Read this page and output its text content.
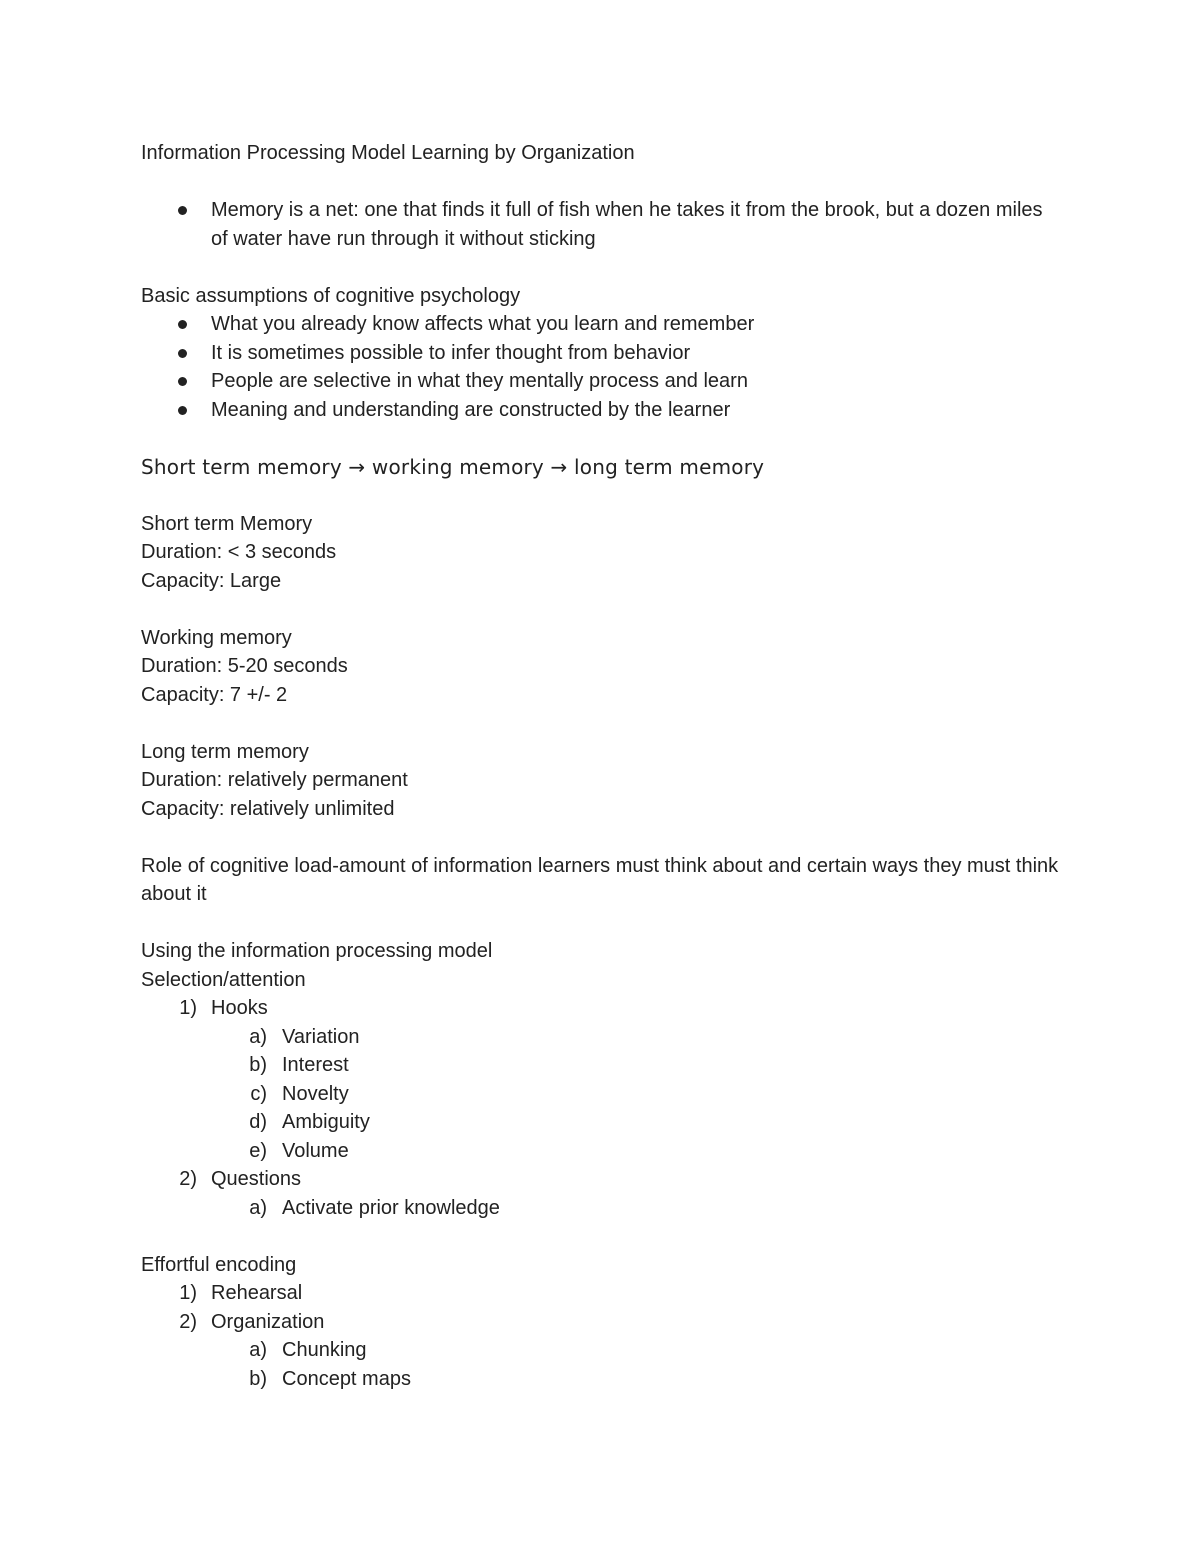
Information Processing Model Learning by Organization
Memory is a net: one that finds it full of fish when he takes it from the brook, but a dozen miles of water have run through it without sticking
Basic assumptions of cognitive psychology
What you already know affects what you learn and remember
It is sometimes possible to infer thought from behavior
People are selective in what they mentally process and learn
Meaning and understanding are constructed by the learner
Short term memory → working memory → long term memory
Short term Memory
Duration: < 3 seconds
Capacity: Large
Working memory
Duration: 5-20 seconds
Capacity: 7 +/- 2
Long term memory
Duration: relatively permanent
Capacity: relatively unlimited
Role of cognitive load-amount of information learners must think about and certain ways they must think about it
Using the information processing model
Selection/attention
1) Hooks
a) Variation
b) Interest
c) Novelty
d) Ambiguity
e) Volume
2) Questions
a) Activate prior knowledge
Effortful encoding
1) Rehearsal
2) Organization
a) Chunking
b) Concept maps
